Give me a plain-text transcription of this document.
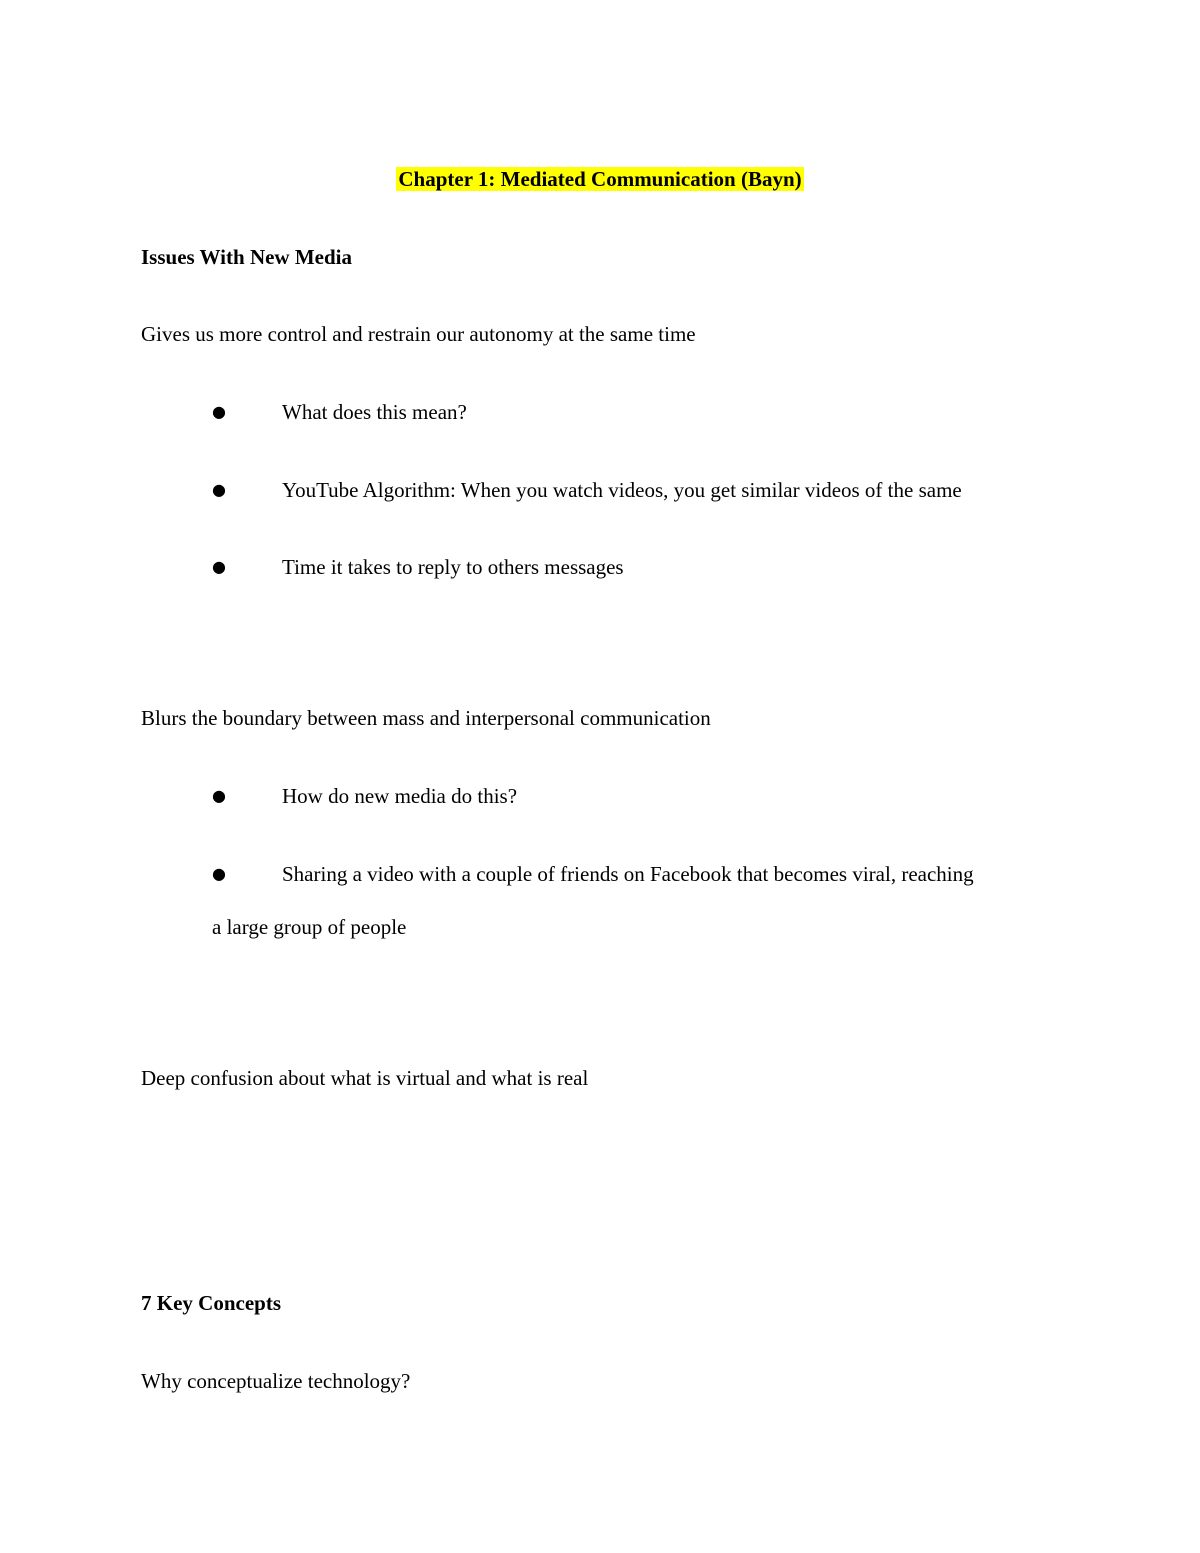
Chapter 1: Mediated Communication (Bayn)

Issues With New Media

Gives us more control and restrain our autonomy at the same time

●	What does this mean?
●	YouTube Algorithm: When you watch videos, you get similar videos of the same
●	Time it takes to reply to others messages

Blurs the boundary between mass and interpersonal communication

●	How do new media do this?
●	Sharing a video with a couple of friends on Facebook that becomes viral, reaching

a large group of people

Deep confusion about what is virtual and what is real

7 Key Concepts

Why conceptualize technology?
